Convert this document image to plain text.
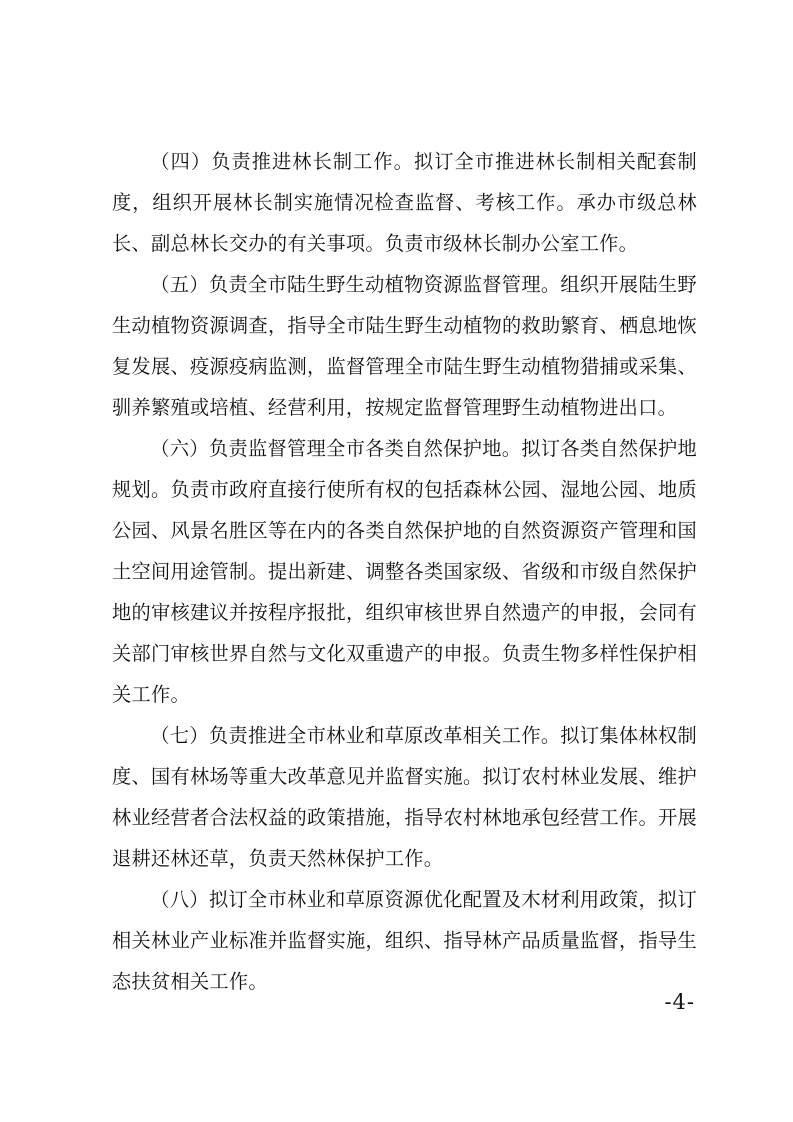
（四）负责推进林长制工作。拟订全市推进林长制相关配套制度，组织开展林长制实施情况检查监督、考核工作。承办市级总林长、副总林长交办的有关事项。负责市级林长制办公室工作。

（五）负责全市陆生野生动植物资源监督管理。组织开展陆生野生动植物资源调查，指导全市陆生野生动植物的救助繁育、栖息地恢复发展、疫源疫病监测，监督管理全市陆生野生动植物猎捕或采集、驯养繁殖或培植、经营利用，按规定监督管理野生动植物进出口。

（六）负责监督管理全市各类自然保护地。拟订各类自然保护地规划。负责市政府直接行使所有权的包括森林公园、湿地公园、地质公园、风景名胜区等在内的各类自然保护地的自然资源资产管理和国土空间用途管制。提出新建、调整各类国家级、省级和市级自然保护地的审核建议并按程序报批，组织审核世界自然遗产的申报，会同有关部门审核世界自然与文化双重遗产的申报。负责生物多样性保护相关工作。

（七）负责推进全市林业和草原改革相关工作。拟订集体林权制度、国有林场等重大改革意见并监督实施。拟订农村林业发展、维护林业经营者合法权益的政策措施，指导农村林地承包经营工作。开展退耕还林还草，负责天然林保护工作。

（八）拟订全市林业和草原资源优化配置及木材利用政策，拟订相关林业产业标准并监督实施，组织、指导林产品质量监督，指导生态扶贫相关工作。

-4-
